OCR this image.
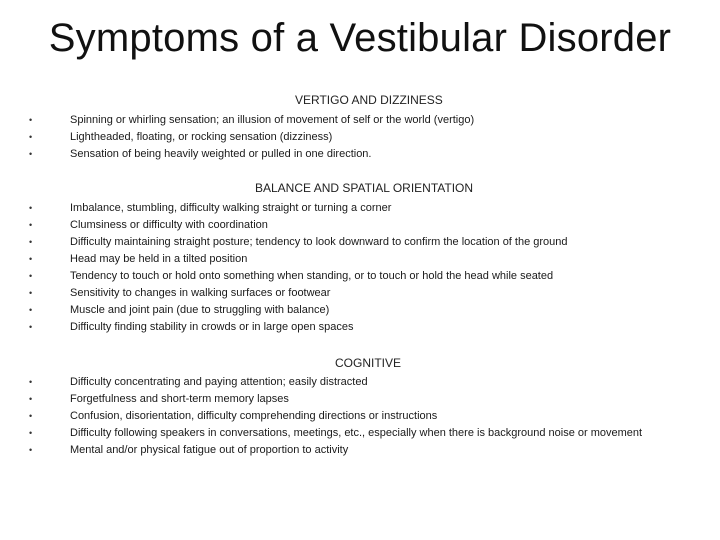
Symptoms of a Vestibular Disorder
VERTIGO AND DIZZINESS
•	Spinning or whirling sensation; an illusion of movement of self or the world (vertigo)
•	Lightheaded, floating, or rocking sensation (dizziness)
•	Sensation of being heavily weighted or pulled in one direction.
BALANCE AND SPATIAL ORIENTATION
•	Imbalance, stumbling, difficulty walking straight or turning a corner
•	Clumsiness or difficulty with coordination
•	Difficulty maintaining straight posture; tendency to look downward to confirm the location of the ground
•	Head may be held in a tilted position
•	Tendency to touch or hold onto something when standing, or to touch or hold the head while seated
•	Sensitivity to changes in walking surfaces or footwear
•	Muscle and joint pain (due to struggling with balance)
•	Difficulty finding stability in crowds or in large open spaces
COGNITIVE
•	Difficulty concentrating and paying attention; easily distracted
•	Forgetfulness and short-term memory lapses
•	Confusion, disorientation, difficulty comprehending directions or instructions
•	Difficulty following speakers in conversations, meetings, etc., especially when there is background noise or movement
•	Mental and/or physical fatigue out of proportion to activity
